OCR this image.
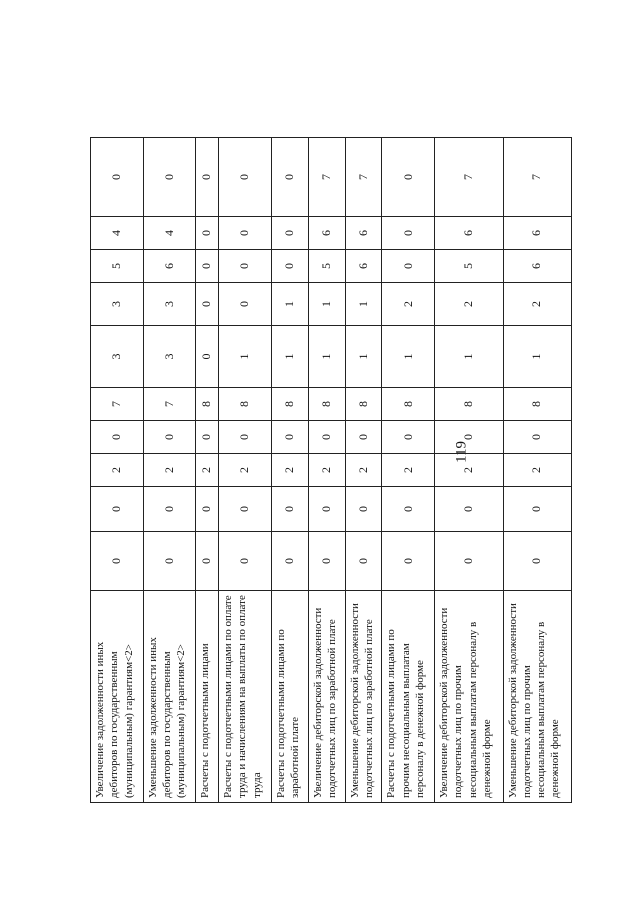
119
Увеличение задолженности иных дебиторов по государственным (муниципальным) гарантиям<2>	0	0	2	0	7	3	3	5	4	0
Уменьшение задолженности иных дебиторов по государственным (муниципальным) гарантиям<2>	0	0	2	0	7	3	3	6	4	0
Расчеты с подотчетными лицами	0	0	2	0	8	0	0	0	0	0
Расчеты с подотчетными лицами по оплате труда и начислениям на выплаты по оплате труда	0	0	2	0	8	1	0	0	0	0
Расчеты с подотчетными лицами по заработной плате	0	0	2	0	8	1	1	0	0	0
Увеличение дебиторской задолженности подотчетных лиц по заработной плате	0	0	2	0	8	1	1	5	6	7
Уменьшение дебиторской задолженности подотчетных лиц по заработной плате	0	0	2	0	8	1	1	6	6	7
Расчеты с подотчетными лицами по прочим несоциальным выплатам персоналу в денежной форме	0	0	2	0	8	1	2	0	0	0
Увеличение дебиторской задолженности подотчетных лиц по прочим несоциальным выплатам персоналу в денежной форме	0	0	2	0	8	1	2	5	6	7
Уменьшение дебиторской задолженности подотчетных лиц по прочим несоциальным выплатам персоналу в денежной форме	0	0	2	0	8	1	2	6	6	7
